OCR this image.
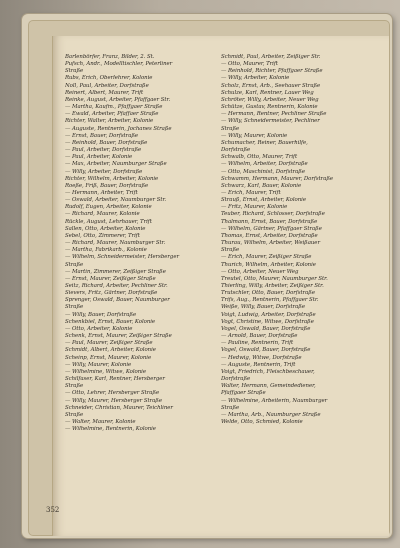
Barlenbörfer, Franz, Bilder, 2. St.
Pufsch, Andr., Modelltischler, Peterliner
Straße
Rubs, Erich, Oberlehrer, Kolonie
Noll, Paul, Arbeiter, Dorfstraße
Reinert, Albert, Maurer, Trift
Reinke, August, Arbeiter, Pfaffgaer Str.
— Martha, Kaufm., Pfaffgaer Straße
— Ewald, Arbeiter, Pfaffaer Straße
Richter, Walter, Arbeiter, Kolonie
— Auguste, Rentnerin, Jochanes Straße
— Ernst, Bauer, Dorfstraße
— Reinhold, Bauer, Dorfstraße
— Paul, Arbeiter, Dorfstraße
— Paul, Arbeiter, Kolonie
— Max, Arbeiter, Naumburger Straße
— Willy, Arbeiter, Dorfstraße
Richter, Wilhelm, Arbeiter, Kolonie
Roeße, Friß, Bauer, Dorfstraße
— Hermann, Arbeiter, Trift
— Oswald, Arbeiter, Naumburger Str.
Rudolf, Eugen, Arbeiter, Kolonie
— Richard, Maurer, Kolonie
Rückle, August, Lehrhauer, Trift
Sallen, Otto, Arbeiter, Kolonie
Sebel, Otto, Zimmerer, Trift
— Richard, Maurer, Naumburger Str.
— Martha, Fabrikarb., Kolonie
— Wilhelm, Schneidermeister, Hersberger
Straße
— Martin, Zimmerer, Zeißiger Straße
— Ernst, Maurer, Zeißiger Straße
Seitz, Richard, Arbeiter, Pechliner Str.
Sievers, Fritz, Gärtner, Dorfstraße
Sprenger, Oswald, Bauer, Naumburger
Straße
— Willy, Bauer, Dorfstraße
Schenkbiel, Ernst, Bauer, Kolonie
— Otto, Arbeiter, Kolonie
Schenk, Ernst, Maurer, Zeißiger Straße
— Paul, Maurer, Zeißiger Straße
Schmidt, Albert, Arbeiter, Kolonie
Scheinp, Ernst, Maurer, Kolonie
— Willy, Maurer, Kolonie
— Wilhelmine, Witwe, Kolonie
Schilfaser, Karl, Rentner, Hersberger
Straße
— Otto, Lehrer, Hersberger Straße
— Willy, Maurer, Hersberger Straße
Schneider, Christian, Maurer, Teichliner
Straße
— Walter, Maurer, Kolonie
— Wilhelmine, Rentnerin, Kolonie
Schmidt, Paul, Arbeiter, Zeißiger Str.
— Otto, Maurer, Trift
— Reinhold, Richter, Pfaffgaer Straße
— Willy, Arbeiter, Kolonie
Scholz, Ernst, Arb., Seehauer Straße
Schulze, Karl, Rentner, Lauer Weg
Schröter, Willy, Arbeiter, Neuer Weg
Schütze, Gustav, Rentnerin, Kolonie
— Hermann, Rentner, Pechliner Straße
— Willy, Schneidermeister, Pechliner
Straße
— Willy, Maurer, Kolonie
Schumacher, Reiner, Bauerhilfe,
Dorfstraße
Schwalb, Otto, Maurer, Trift
— Wilhelm, Arbeiter, Dorfstraße
— Otto, Maschinist, Dorfstraße
Schwamm, Hermann, Maurer, Dorfstraße
Schwarz, Karl, Bauer, Kolonie
— Erich, Maurer, Trift
Strauß, Ernst, Arbeiter, Kolonie
— Fritz, Maurer, Kolonie
Teuber, Richard, Schlosser, Dorfstraße
Thalmann, Ernst, Bauer, Dorfstraße
— Wilhelm, Gärtner, Pfaffgaer Straße
Thomas, Ernst, Arbeiter, Dorfstraße
Thurau, Wilhelm, Arbeiter, Weißauer
Straße
— Erich, Maurer, Zeißiger Straße
Thurich, Wilhelm, Arbeiter, Kolonie
— Otto, Arbeiter, Neuer Weg
Treutel, Otto, Maurer, Naumburger Str.
Thierling, Willy, Arbeiter, Zeißiger Str.
Trutschler, Otto, Bauer, Dorfstraße
Trifs, Aug., Rentnerin, Pfaffgaer Str.
Weiße, Willy, Bauer, Dorfstraße
Voigt, Ludwig, Arbeiter, Dorfstraße
Vogt, Christine, Witwe, Dorfstraße
Vogel, Oswald, Bauer, Dorfstraße
— Arnold, Bauer, Dorfstraße
— Pauline, Rentnerin, Trift
Vogel, Oswald, Bauer, Dorfstraße
— Hedwig, Witwe, Dorfstraße
— Auguste, Rentnerin, Trift
Voigt, Friedrich, Fleischbeschauer,
Dorfstraße
Walter, Hermann, Gemeindediener,
Pfaffgaer Straße
— Wilhelmine, Arbeiterin, Naumburger
Straße
— Martha, Arb., Naumburger Straße
Welde, Otto, Schmied, Kolonie
352
